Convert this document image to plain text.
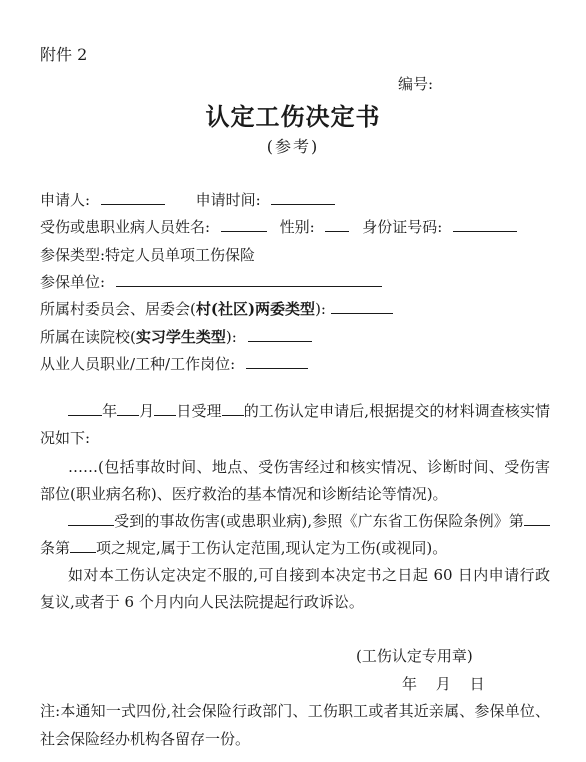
附件 2
编号:
认定工伤决定书
(参考)
申请人:	申请时间:
受伤或患职业病人员姓名:	性别:	身份证号码:
参保类型:特定人员单项工伤保险
参保单位:
所属村委员会、居委会(村(社区)两委类型):
所属在读院校(实习学生类型):
从业人员职业/工种/工作岗位:
年 月 日受理 的工伤认定申请后,根据提交的材料调查核实情况如下:
……(包括事故时间、地点、受伤害经过和核实情况、诊断时间、受伤害部位(职业病名称)、医疗救治的基本情况和诊断结论等情况)。
受到的事故伤害(或患职业病),参照《广东省工伤保险条例》第条第 项之规定,属于工伤认定范围,现认定为工伤(或视同)。
如对本工伤认定决定不服的,可自接到本决定书之日起 60 日内申请行政复议,或者于 6 个月内向人民法院提起行政诉讼。
(工伤认定专用章)
年 月 日
注:本通知一式四份,社会保险行政部门、工伤职工或者其近亲属、参保单位、社会保险经办机构各留存一份。
